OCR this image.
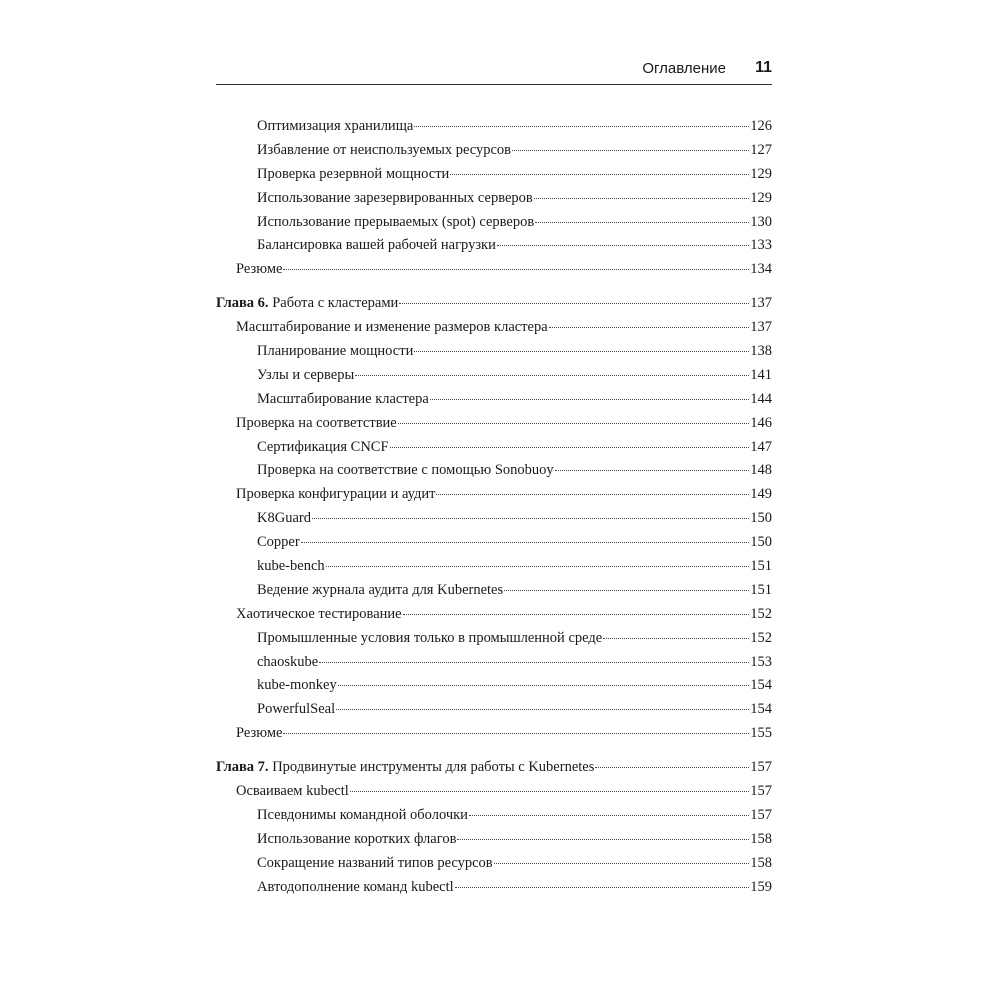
Оглавление 11
Оптимизация хранилища	126
Избавление от неиспользуемых ресурсов	127
Проверка резервной мощности	129
Использование зарезервированных серверов	129
Использование прерываемых (spot) серверов	130
Балансировка вашей рабочей нагрузки	133
Резюме	134
Глава 6. Работа с кластерами	137
Масштабирование и изменение размеров кластера	137
Планирование мощности	138
Узлы и серверы	141
Масштабирование кластера	144
Проверка на соответствие	146
Сертификация CNCF	147
Проверка на соответствие с помощью Sonobuoy	148
Проверка конфигурации и аудит	149
K8Guard	150
Copper	150
kube-bench	151
Ведение журнала аудита для Kubernetes	151
Хаотическое тестирование	152
Промышленные условия только в промышленной среде	152
chaoskube	153
kube-monkey	154
PowerfulSeal	154
Резюме	155
Глава 7. Продвинутые инструменты для работы с Kubernetes	157
Осваиваем kubectl	157
Псевдонимы командной оболочки	157
Использование коротких флагов	158
Сокращение названий типов ресурсов	158
Автодополнение команд kubectl	159
